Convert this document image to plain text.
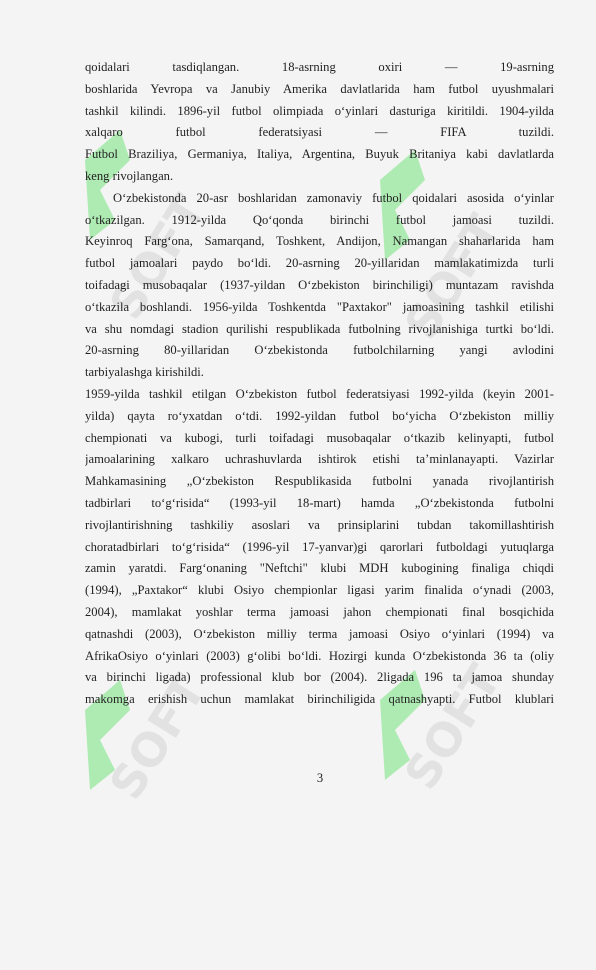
SOFT	SOFT
SOFT	SOFT
qoidalari tasdiqlangan. 18-asrning oxiri — 19-asrning
boshlarida Yevropa va Janubiy Amerika davlatlarida ham futbol uyushmalari
tashkil kilindi. 1896-yil futbol olimpiada o‘yinlari dasturiga kiritildi. 1904-yilda
xalqaro futbol federatsiyasi — FIFA tuzildi.
Futbol Braziliya, Germaniya, Italiya, Argentina, Buyuk Britaniya kabi davlatlarda
keng rivojlangan.
O‘zbekistonda 20-asr boshlaridan zamonaviy futbol qoidalari asosida o‘yinlar
o‘tkazilgan. 1912-yilda Qo‘qonda birinchi futbol jamoasi tuzildi.
Keyinroq Farg‘ona, Samarqand, Toshkent, Andijon, Namangan shaharlarida ham
futbol jamoalari paydo bo‘ldi. 20-asrning 20-yillaridan mamlakatimizda turli
toifadagi musobaqalar (1937-yildan O‘zbekiston birinchiligi) muntazam ravishda
o‘tkazila boshlandi. 1956-yilda Toshkentda "Paxtakor" jamoasining tashkil etilishi
va shu nomdagi stadion qurilishi respublikada futbolning rivojlanishiga turtki bo‘ldi.
20-asrning 80-yillaridan O‘zbekistonda futbolchilarning yangi avlodini
tarbiyalashga kirishildi.
1959-yilda tashkil etilgan O‘zbekiston futbol federatsiyasi 1992-yilda (keyin 2001-
yilda) qayta ro‘yxatdan o‘tdi. 1992-yildan futbol bo‘yicha O‘zbekiston milliy
chempionati va kubogi, turli toifadagi musobaqalar o‘tkazib kelinyapti, futbol
jamoalarining xalkaro uchrashuvlarda ishtirok etishi ta’minlanayapti. Vazirlar
Mahkamasining „O‘zbekiston Respublikasida futbolni yanada rivojlantirish
tadbirlari to‘g‘risida“ (1993-yil 18-mart) hamda „O‘zbekistonda futbolni
rivojlantirishning tashkiliy asoslari va prinsiplarini tubdan takomillashtirish
choratadbirlari to‘g‘risida“ (1996-yil 17-yanvar)gi qarorlari futboldagi yutuqlarga
zamin yaratdi. Farg‘onaning "Neftchi" klubi MDH kubogining finaliga chiqdi
(1994), „Paxtakor“ klubi Osiyo chempionlar ligasi yarim finalida o‘ynadi (2003,
2004), mamlakat yoshlar terma jamoasi jahon chempionati final bosqichida
qatnashdi (2003), O‘zbekiston milliy terma jamoasi Osiyo o‘yinlari (1994) va
AfrikaOsiyo o‘yinlari (2003) g‘olibi bo‘ldi. Hozirgi kunda O‘zbekistonda 36 ta (oliy
va birinchi ligada) professional klub bor (2004). 2ligada 196 ta jamoa shunday
makomga erishish uchun mamlakat birinchiligida qatnashyapti. Futbol klublari
3
